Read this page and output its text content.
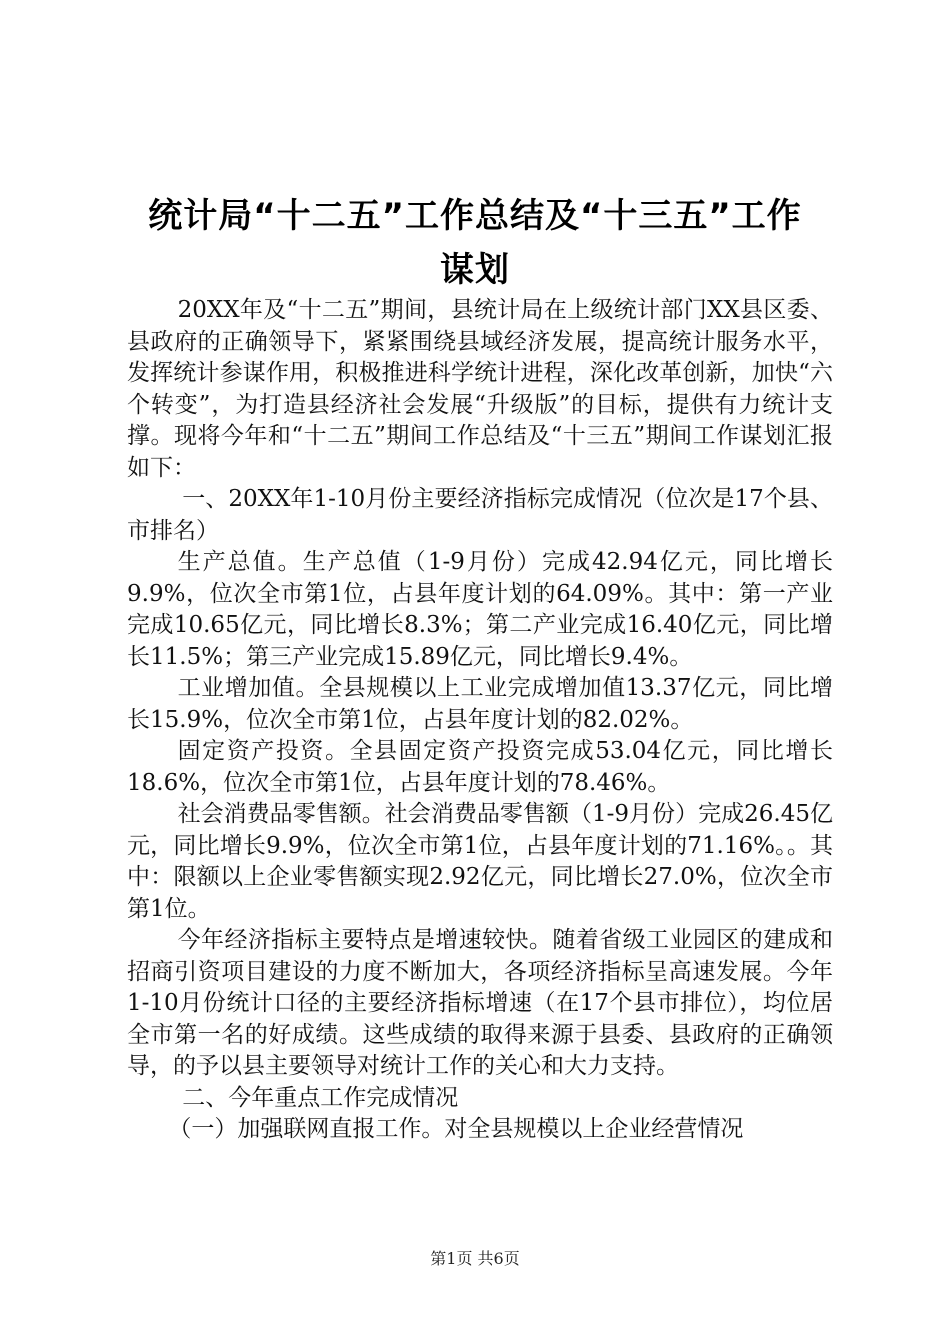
统计局“十二五”工作总结及“十三五”工作
谋划

20XX年及“十二五”期间，县统计局在上级统计部门XX县区委、县政府的正确领导下，紧紧围绕县域经济发展，提高统计服务水平，发挥统计参谋作用，积极推进科学统计进程，深化改革创新，加快“六个转变”，为打造县经济社会发展“升级版”的目标，提供有力统计支撑。现将今年和“十二五”期间工作总结及“十三五”期间工作谋划汇报如下：

一、20XX年1-10月份主要经济指标完成情况（位次是17个县、市排名）

生产总值。生产总值（1-9月份）完成42.94亿元，同比增长9.9%，位次全市第1位，占县年度计划的64.09%。其中：第一产业完成10.65亿元，同比增长8.3%；第二产业完成16.40亿元，同比增长11.5%；第三产业完成15.89亿元，同比增长9.4%。

工业增加值。全县规模以上工业完成增加值13.37亿元，同比增长15.9%，位次全市第1位，占县年度计划的82.02%。

固定资产投资。全县固定资产投资完成53.04亿元，同比增长18.6%，位次全市第1位，占县年度计划的78.46%。

社会消费品零售额。社会消费品零售额（1-9月份）完成26.45亿元，同比增长9.9%，位次全市第1位，占县年度计划的71.16%。。其中：限额以上企业零售额实现2.92亿元，同比增长27.0%，位次全市第1位。

今年经济指标主要特点是增速较快。随着省级工业园区的建成和招商引资项目建设的力度不断加大，各项经济指标呈高速发展。今年1-10月份统计口径的主要经济指标增速（在17个县市排位），均位居全市第一名的好成绩。这些成绩的取得来源于县委、县政府的正确领导，的予以县主要领导对统计工作的关心和大力支持。

二、今年重点工作完成情况

（一）加强联网直报工作。对全县规模以上企业经营情况

第1页 共6页
